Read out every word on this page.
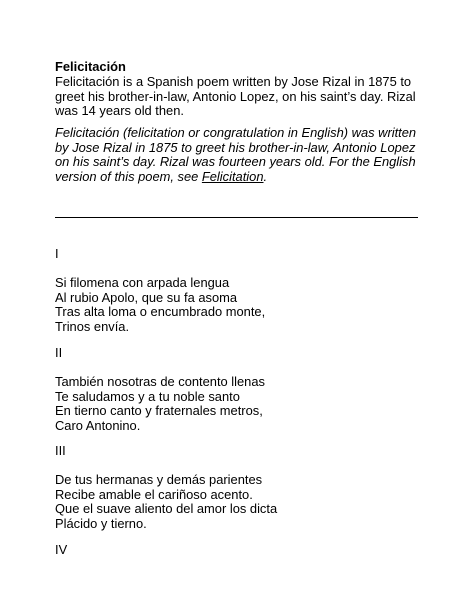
Felicitación
Felicitación is a Spanish poem written by Jose Rizal in 1875 to greet his brother-in-law, Antonio Lopez, on his saint’s day. Rizal was 14 years old then.
Felicitación (felicitation or congratulation in English) was written by Jose Rizal in 1875 to greet his brother-in-law, Antonio Lopez on his saint’s day. Rizal was fourteen years old. For the English version of this poem, see Felicitation.
I
Si filomena con arpada lengua
Al rubio Apolo, que su fa asoma
Tras alta loma o encumbrado monte,
Trinos envía.
II
También nosotras de contento llenas
Te saludamos y a tu noble santo
En tierno canto y fraternales metros,
Caro Antonino.
III
De tus hermanas y demás parientes
Recibe amable el cariñoso acento.
Que el suave aliento del amor los dicta
Plácido y tierno.
IV
